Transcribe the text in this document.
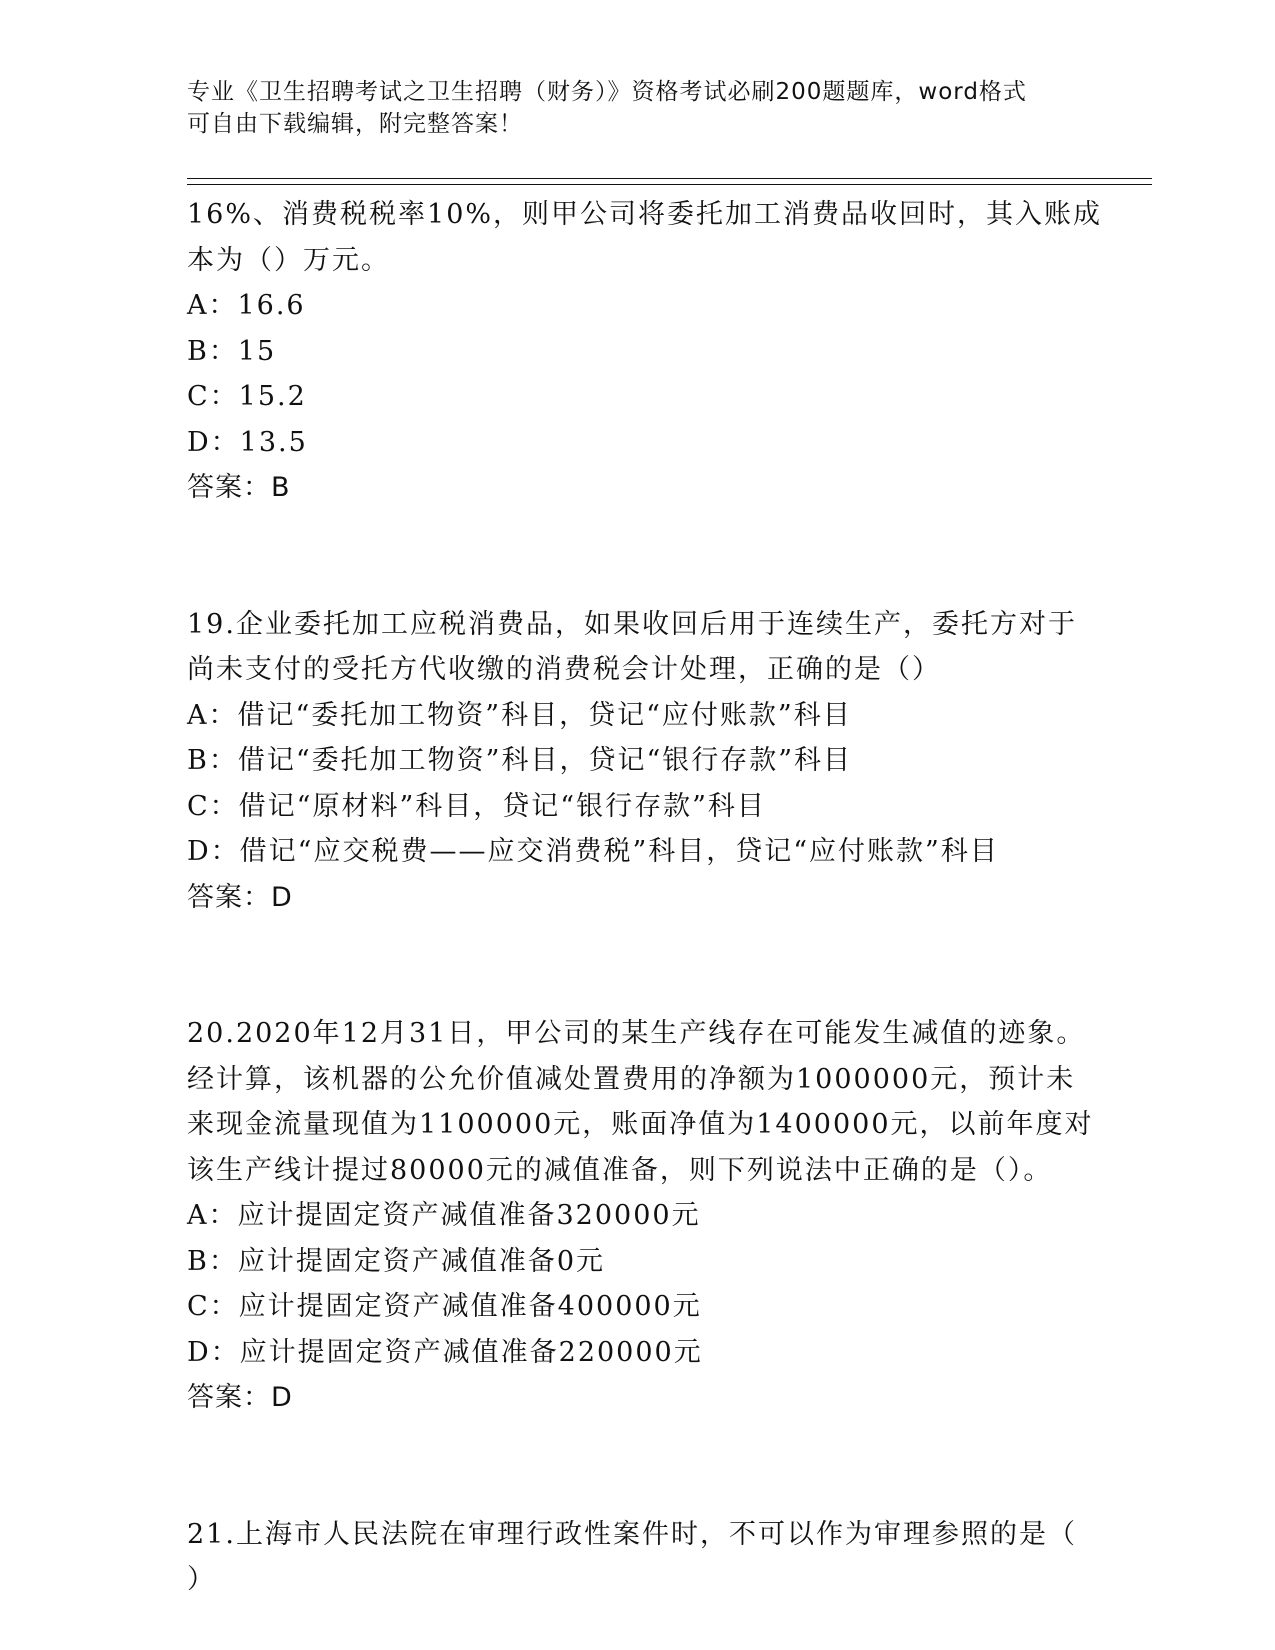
专业《卫生招聘考试之卫生招聘（财务）》资格考试必刷200题题库，word格式
可自由下载编辑，附完整答案！
16%、消费税税率10%，则甲公司将委托加工消费品收回时，其入账成
本为（）万元。
A：16.6
B：15
C：15.2
D：13.5
答案：B
19.企业委托加工应税消费品，如果收回后用于连续生产，委托方对于
尚未支付的受托方代收缴的消费税会计处理，正确的是（）
A：借记“委托加工物资”科目，贷记“应付账款”科目
B：借记“委托加工物资”科目，贷记“银行存款”科目
C：借记“原材料”科目，贷记“银行存款”科目
D：借记“应交税费——应交消费税”科目，贷记“应付账款”科目
答案：D
20.2020年12月31日，甲公司的某生产线存在可能发生减值的迹象。
经计算，该机器的公允价值减处置费用的净额为1000000元，预计未
来现金流量现值为1100000元，账面净值为1400000元，以前年度对
该生产线计提过80000元的减值准备，则下列说法中正确的是（）。
A：应计提固定资产减值准备320000元
B：应计提固定资产减值准备0元
C：应计提固定资产减值准备400000元
D：应计提固定资产减值准备220000元
答案：D
21.上海市人民法院在审理行政性案件时，不可以作为审理参照的是（
）
